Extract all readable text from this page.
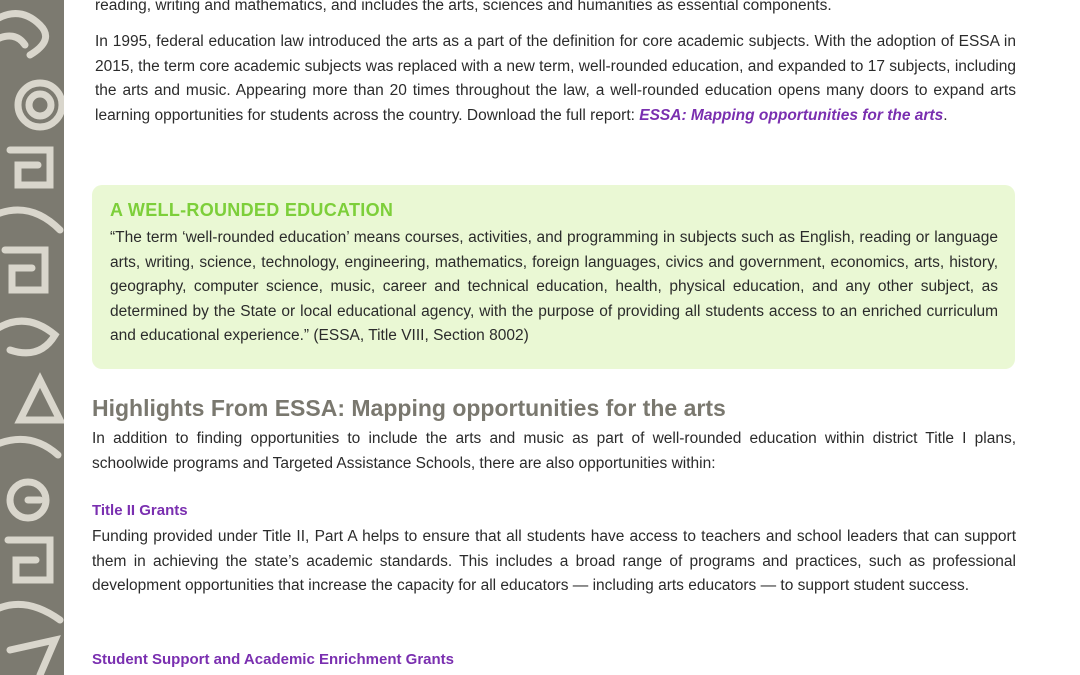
reading, writing and mathematics, and includes the arts, sciences and humanities as essential components.

In 1995, federal education law introduced the arts as a part of the definition for core academic subjects. With the adoption of ESSA in 2015, the term core academic subjects was replaced with a new term, well-rounded education, and expanded to 17 subjects, including the arts and music. Appearing more than 20 times throughout the law, a well-rounded education opens many doors to expand arts learning opportunities for students across the country. Download the full report: ESSA: Mapping opportunities for the arts.

A WELL-ROUNDED EDUCATION
“The term ‘well-rounded education’ means courses, activities, and programming in subjects such as English, reading or language arts, writing, science, technology, engineering, mathematics, foreign languages, civics and government, economics, arts, history, geography, computer science, music, career and technical education, health, physical education, and any other subject, as determined by the State or local educational agency, with the purpose of providing all students access to an enriched curriculum and educational experience.” (ESSA, Title VIII, Section 8002)
Highlights From ESSA: Mapping opportunities for the arts

In addition to finding opportunities to include the arts and music as part of well-rounded education within district Title I plans, schoolwide programs and Targeted Assistance Schools, there are also opportunities within:

Title II Grants

Funding provided under Title II, Part A helps to ensure that all students have access to teachers and school leaders that can support them in achieving the state’s academic standards. This includes a broad range of programs and practices, such as professional development opportunities that increase the capacity for all educators — including arts educators — to support student success.

Student Support and Academic Enrichment Grants
